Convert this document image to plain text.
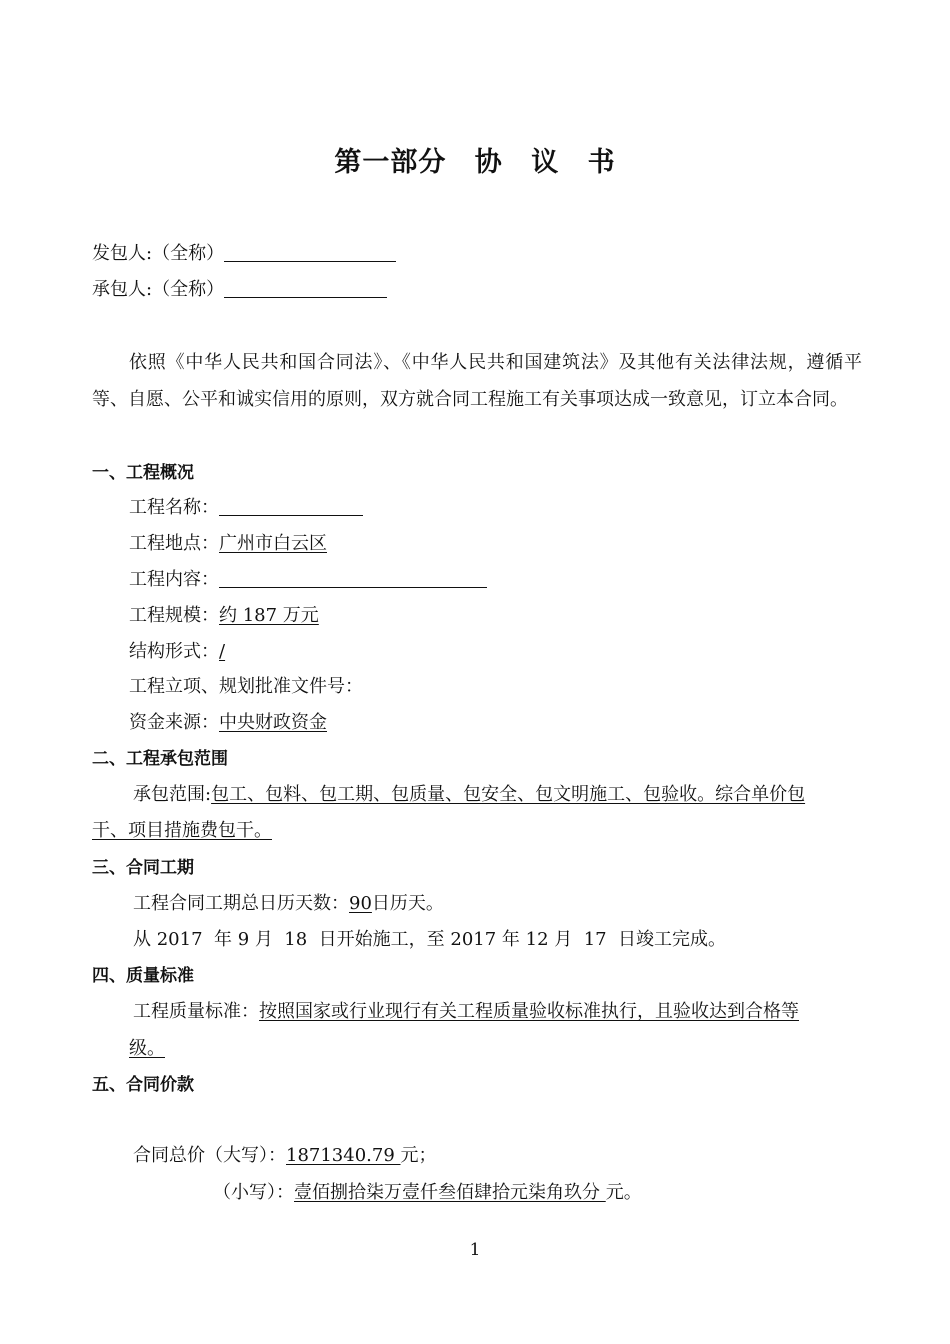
第一部分 协 议 书
发包人:（全称）
承包人:（全称）
依照《中华人民共和国合同法》、《中华人民共和国建筑法》及其他有关法律法规，遵循平等、自愿、公平和诚实信用的原则，双方就合同工程施工有关事项达成一致意见，订立本合同。
一、工程概况
工程名称：
工程地点：广州市白云区
工程内容：
工程规模：约 187 万元
结构形式：/
工程立项、规划批准文件号：
资金来源：中央财政资金
二、工程承包范围
承包范围:包工、包料、包工期、包质量、包安全、包文明施工、包验收。综合单价包
干、项目措施费包干。
三、合同工期
工程合同工期总日历天数：90日历天。
从 2017  年 9 月  18  日开始施工，至 2017 年 12 月  17  日竣工完成。
四、质量标准
工程质量标准：按照国家或行业现行有关工程质量验收标准执行，且验收达到合格等
级。
五、合同价款
合同总价（大写）：1871340.79 元；
（小写）：壹佰捌拾柒万壹仟叁佰肆拾元柒角玖分 元。
1
